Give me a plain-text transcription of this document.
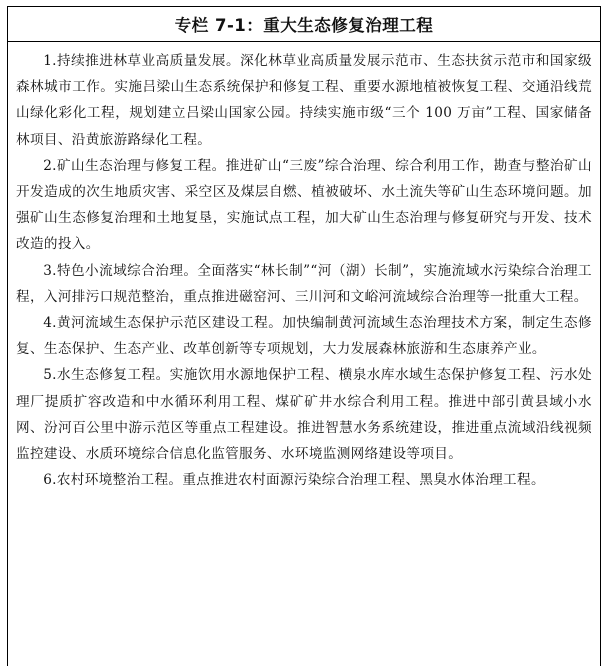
专栏 7-1：重大生态修复治理工程

1.持续推进林草业高质量发展。深化林草业高质量发展示范市、生态扶贫示范市和国家级森林城市工作。实施吕梁山生态系统保护和修复工程、重要水源地植被恢复工程、交通沿线荒山绿化彩化工程，规划建立吕梁山国家公园。持续实施市级“三个 100 万亩”工程、国家储备林项目、沿黄旅游路绿化工程。

2.矿山生态治理与修复工程。推进矿山“三废”综合治理、综合利用工作，勘查与整治矿山开发造成的次生地质灾害、采空区及煤层自燃、植被破坏、水土流失等矿山生态环境问题。加强矿山生态修复治理和土地复垦，实施试点工程，加大矿山生态治理与修复研究与开发、技术改造的投入。

3.特色小流域综合治理。全面落实“林长制”“河（湖）长制”，实施流域水污染综合治理工程，入河排污口规范整治，重点推进磁窑河、三川河和文峪河流域综合治理等一批重大工程。

4.黄河流域生态保护示范区建设工程。加快编制黄河流域生态治理技术方案，制定生态修复、生态保护、生态产业、改革创新等专项规划，大力发展森林旅游和生态康养产业。

5.水生态修复工程。实施饮用水源地保护工程、横泉水库水域生态保护修复工程、污水处理厂提质扩容改造和中水循环利用工程、煤矿矿井水综合利用工程。推进中部引黄县域小水网、汾河百公里中游示范区等重点工程建设。推进智慧水务系统建设，推进重点流域沿线视频监控建设、水质环境综合信息化监管服务、水环境监测网络建设等项目。

6.农村环境整治工程。重点推进农村面源污染综合治理工程、黑臭水体治理工程。
